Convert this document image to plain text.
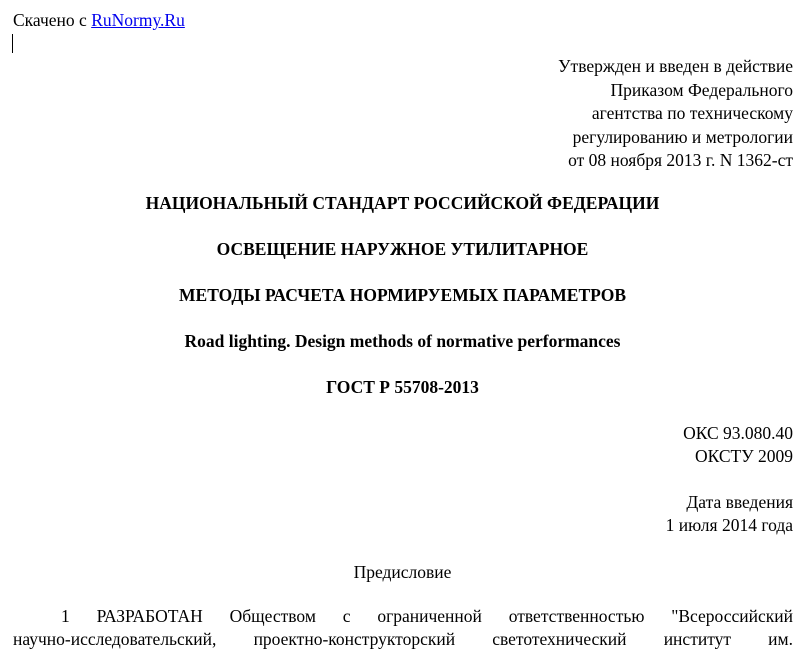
Скачено с RuNormy.Ru
Утвержден и введен в действие
Приказом Федерального
агентства по техническому
регулированию и метрологии
от 08 ноября 2013 г. N 1362-ст
НАЦИОНАЛЬНЫЙ СТАНДАРТ РОССИЙСКОЙ ФЕДЕРАЦИИ
ОСВЕЩЕНИЕ НАРУЖНОЕ УТИЛИТАРНОЕ
МЕТОДЫ РАСЧЕТА НОРМИРУЕМЫХ ПАРАМЕТРОВ
Road lighting. Design methods of normative performances
ГОСТ Р 55708-2013
ОКС 93.080.40
ОКСТУ 2009
Дата введения
1 июля 2014 года
Предисловие
1 РАЗРАБОТАН Обществом с ограниченной ответственностью "Всероссийский
научно-исследовательский, проектно-конструкторский светотехнический институт им.
